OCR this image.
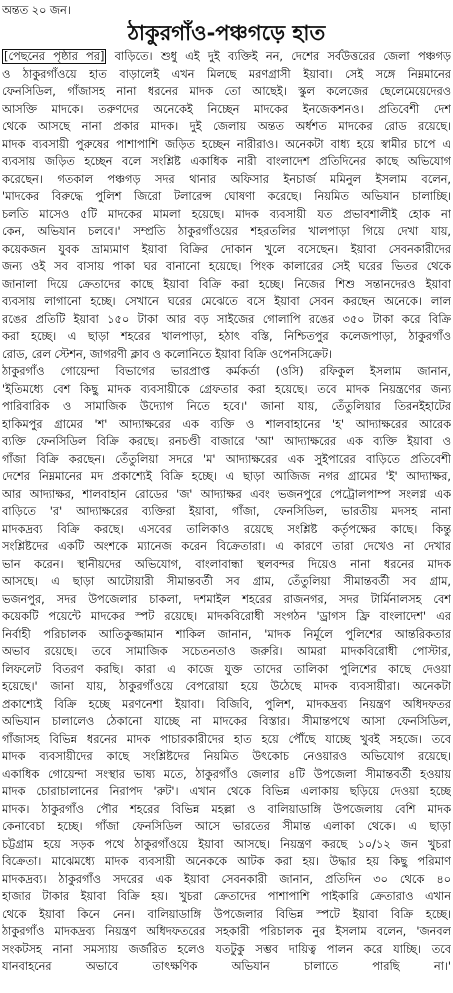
অন্তত ২০ জন।
ঠাকুরগাঁও-পঞ্চগড়ে হাত
[পেছনের পৃষ্ঠার পর] বাড়িতে। শুধু এই দুই ব্যক্তিই নন, দেশের সর্বউত্তরের জেলা পঞ্চগড়
ও ঠাকুরগাঁওয়ে হাত বাড়ালেই এখন মিলছে মরণগ্রাসী ইয়াবা। সেই সঙ্গে নিম্নমানের
ফেনসিডিল, গাঁজাসহ নানা ধরনের মাদক তো আছেই। স্কুল কলেজের ছেলেমেয়েদেরও
আসক্তি মাদকে। তরুণদের অনেকেই নিচ্ছেন মাদকের ইনজেকশনও। প্রতিবেশী দেশ
থেকে আসছে নানা প্রকার মাদক। দুই জেলায় অন্তত অর্ধশত মাদকের রোড রয়েছে।
মাদক ব্যবসায়ী পুরুষের পাশাপাশি জড়িত হচ্ছেন নারীরাও। অনেকটা বাধ্য হয়ে স্বামীর চাপে এ
ব্যবসায় জড়িত হচ্ছেন বলে সংশ্লিষ্ট একাধিক নারী বাংলাদেশ প্রতিদিনের কাছে অভিযোগ
করেছেন। গতকাল পঞ্চগড় সদর থানার অফিসার ইনচার্জ মমিনুল ইসলাম বলেন,
'মাদকের বিরুদ্ধে পুলিশ জিরো টলারেন্স ঘোষণা করেছে। নিয়মিত অভিযান চালাচ্ছি।
চলতি মাসেও ৫টি মাদকের মামলা হয়েছে। মাদক ব্যবসায়ী যত প্রভাবশালীই হোক না
কেন, অভিযান চলবে।' সম্প্রতি ঠাকুরগাঁওয়ের শহরতলির খালপাড়া গিয়ে দেখা যায়,
কয়েকজন যুবক ভ্রাম্যমাণ ইয়াবা বিক্রির দোকান খুলে বসেছেন। ইয়াবা সেবনকারীদের
জন্য ওই সব বাসায় পাকা ঘর বানানো হয়েছে। পিংক কালারের সেই ঘরের ভিতর থেকে
জানালা দিয়ে ক্রেতাদের কাছে ইয়াবা বিক্রি করা হচ্ছে। নিজের শিশু সন্তানদেরও ইয়াবা
ব্যবসায় লাগানো হচ্ছে। সেখানে ঘরের মেঝেতে বসে ইয়াবা সেবন করছেন অনেকে। লাল
রঙের প্রতিটি ইয়াবা ১৫০ টাকা আর বড় সাইজের গোলাপি রঙের ৩৫০ টাকা করে বিক্রি
করা হচ্ছে। এ ছাড়া শহরের খালপাড়া, হঠাৎ বস্তি, নিশ্চিতপুর কলেজপাড়া, ঠাকুরগাঁও
রোড, রেল স্টেশন, জাগরণী ক্লাব ও কলোনিতে ইয়াবা বিক্রি ওপেনসিক্রেট।
ঠাকুরগাঁও গোয়েন্দা বিভাগের ভারপ্রাপ্ত কর্মকর্তা (ওসি) রফিকুল ইসলাম জানান,
'ইতিমধ্যে বেশ কিছু মাদক ব্যবসায়ীকে গ্রেফতার করা হয়েছে। তবে মাদক নিয়ন্ত্রণের জন্য
পারিবারিক ও সামাজিক উদ্যোগ নিতে হবে।' জানা যায়, তেঁতুলিয়ার তিরনইহাটের
হাকিমপুর গ্রামের 'শ' আদ্যাক্ষরের এক ব্যক্তি ও শালবাহানের 'হ' আদ্যাক্ষরের আরেক
ব্যক্তি ফেনসিডিল বিক্রি করছে। রনচণ্ডী বাজারে 'আ' আদ্যাক্ষরের এক ব্যক্তি ইয়াবা ও
গাঁজা বিক্রি করছেন। তেঁতুলিয়া সদরে 'ম' আদ্যাক্ষরের এক সুইপারের বাড়িতে প্রতিবেশী
দেশের নিম্নমানের মদ প্রকাশ্যেই বিক্রি হচ্ছে। এ ছাড়া আজিজ নগর গ্রামের 'ই' আদ্যাক্ষর,
আর আদ্যাক্ষর, শালবাহান রোডের 'জ' আদ্যাক্ষর এবং ভজনপুরে পেট্রোলপাম্প সংলগ্ন এক
বাড়িতে 'র' আদ্যাক্ষরের ব্যক্তিরা ইয়াবা, গাঁজা, ফেনসিডিল, ভারতীয় মদসহ নানা
মাদকদ্রব্য বিক্রি করছে। এসবের তালিকাও রয়েছে সংশ্লিষ্ট কর্তৃপক্ষের কাছে। কিন্তু
সংশ্লিষ্টদের একটি অংশকে ম্যানেজ করেন বিক্রেতারা। এ কারণে তারা দেখেও না দেখার
ভান করেন। স্থানীয়দের অভিযোগ, বাংলাবান্ধা স্থলবন্দর দিয়েও নানা ধরনের মাদক
আসছে। এ ছাড়া আটোয়ারী সীমান্তবর্তী সব গ্রাম, তেঁতুলিয়া সীমান্তবর্তী সব গ্রাম,
ভজনপুর, সদর উপজেলার চাকলা, দশমাইল শহরের রাজনগর, সদর টার্মিনালসহ বেশ
কয়েকটি পয়েন্টে মাদকের স্পট রয়েছে। মাদকবিরোধী সংগঠন 'ড্রাগস ফ্রি বাংলাদেশ' এর
নির্বাহী পরিচালক আতিকুজ্জামান শাকিল জানান, 'মাদক নির্মূলে পুলিশের আন্তরিকতার
অভাব রয়েছে। তবে সামাজিক সচেতনতাও জরুরি। আমরা মাদকবিরোধী পোস্টার,
লিফলেট বিতরণ করছি। কারা এ কাজে যুক্ত তাদের তালিকা পুলিশের কাছে দেওয়া
হয়েছে।' জানা যায়, ঠাকুরগাঁওয়ে বেপরোয়া হয়ে উঠেছে মাদক ব্যবসায়ীরা। অনেকটা
প্রকাশ্যেই বিক্রি হচ্ছে মরণনেশা ইয়াবা। বিজিবি, পুলিশ, মাদকদ্রব্য নিয়ন্ত্রণ অধিদফতর
অভিযান চালালেও ঠেকানো যাচ্ছে না মাদকের বিস্তার। সীমান্তপথে আসা ফেনসিডিল,
গাঁজাসহ বিভিন্ন ধরনের মাদক পাচারকারীদের হাত হয়ে পৌঁছে যাচ্ছে খুবই সহজে। তবে
মাদক ব্যবসায়ীদের কাছে সংশ্লিষ্টদের নিয়মিত উৎকোচ নেওয়ারও অভিযোগ রয়েছে।
একাধিক গোয়েন্দা সংস্থার ভাষ্য মতে, ঠাকুরগাঁও জেলার ৪টি উপজেলা সীমান্তবর্তী হওয়ায়
মাদক চোরাচালানের নিরাপদ 'রুট'। এখান থেকে বিভিন্ন এলাকায় ছড়িয়ে দেওয়া হচ্ছে
মাদক। ঠাকুরগাঁও পৌর শহরের বিভিন্ন মহল্লা ও বালিয়াডাঙ্গি উপজেলায় বেশি মাদক
কেনাবেচা হচ্ছে। গাঁজা ফেনসিডিল আসে ভারতের সীমান্ত এলাকা থেকে। এ ছাড়া
চট্টগ্রাম হয়ে সড়ক পথে ঠাকুরগাঁওয়ে ইয়াবা আসছে। নিয়ন্ত্রণ করছে ১০/১২ জন খুচরা
বিক্রেতা। মাঝেমধ্যে মাদক ব্যবসায়ী অনেককে আটক করা হয়। উদ্ধার হয় কিছু পরিমাণ
মাদকদ্রব্য। ঠাকুরগাঁও সদরের এক ইয়াবা সেবনকারী জানান, প্রতিদিন ৩০ থেকে ৪০
হাজার টাকার ইয়াবা বিক্রি হয়। খুচরা ক্রেতাদের পাশাপাশি পাইকারি ক্রেতারাও এখান
থেকে ইয়াবা কিনে নেন। বালিয়াডাঙ্গি উপজেলার বিভিন্ন স্পটে ইয়াবা বিক্রি হচ্ছে।
ঠাকুরগাঁও মাদকদ্রব্য নিয়ন্ত্রণ অধিদফতরের সহকারী পরিচালক নুর ইসলাম বলেন, 'জনবল
সংকটসহ নানা সমস্যায় জর্জরিত হলেও যতটুকু সম্ভব দায়িত্ব পালন করে যাচ্ছি। তবে
যানবাহনের অভাবে তাৎক্ষণিক অভিযান চালাতে পারছি না।'
